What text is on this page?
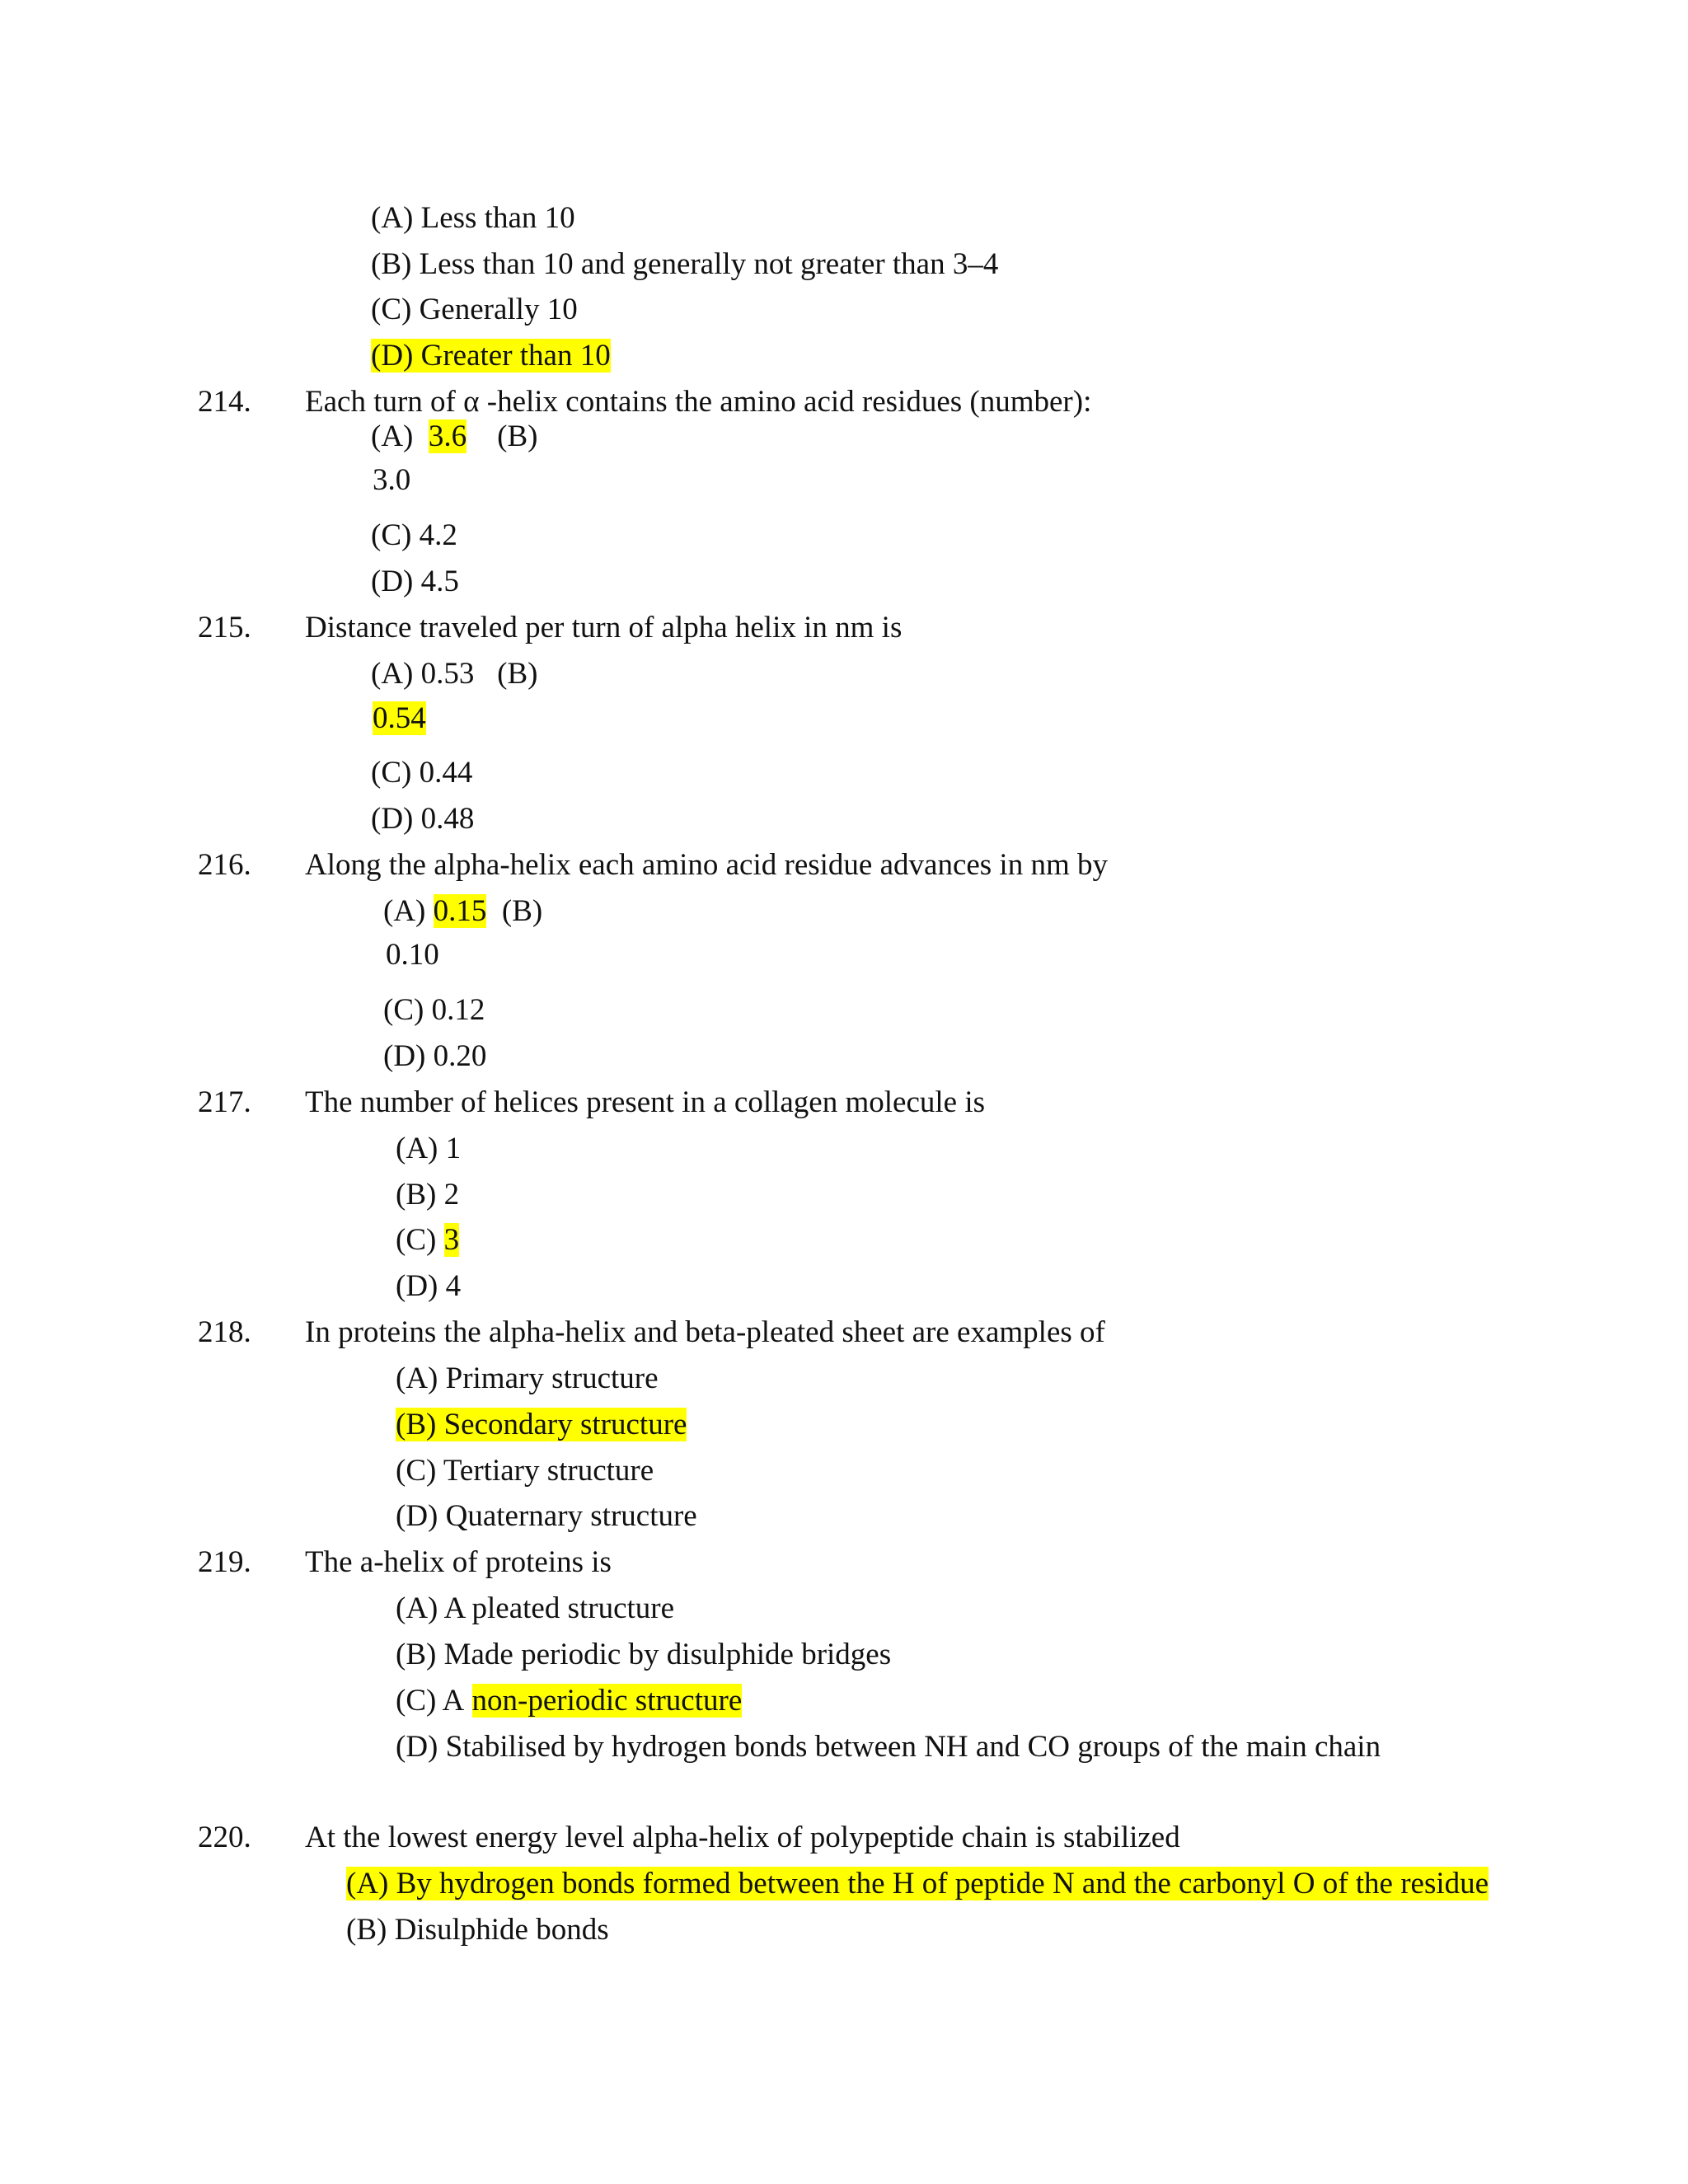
(A) Less than 10
(B) Less than 10 and generally not greater than 3–4
(C) Generally 10
(D) Greater than 10
214. Each turn of α -helix contains the amino acid residues (number):
(A) 3.6 (B)
3.0
(C) 4.2
(D) 4.5
215. Distance traveled per turn of alpha helix in nm is
(A) 0.53 (B)
0.54
(C) 0.44
(D) 0.48
216. Along the alpha-helix each amino acid residue advances in nm by
(A) 0.15 (B)
0.10
(C) 0.12
(D) 0.20
217. The number of helices present in a collagen molecule is
(A) 1
(B) 2
(C) 3
(D) 4
218. In proteins the alpha-helix and beta-pleated sheet are examples of
(A) Primary structure
(B) Secondary structure
(C) Tertiary structure
(D) Quaternary structure
219. The a-helix of proteins is
(A) A pleated structure
(B) Made periodic by disulphide bridges
(C) A non-periodic structure
(D) Stabilised by hydrogen bonds between NH and CO groups of the main chain
220. At the lowest energy level alpha-helix of polypeptide chain is stabilized
(A) By hydrogen bonds formed between the H of peptide N and the carbonyl O of the residue
(B) Disulphide bonds
